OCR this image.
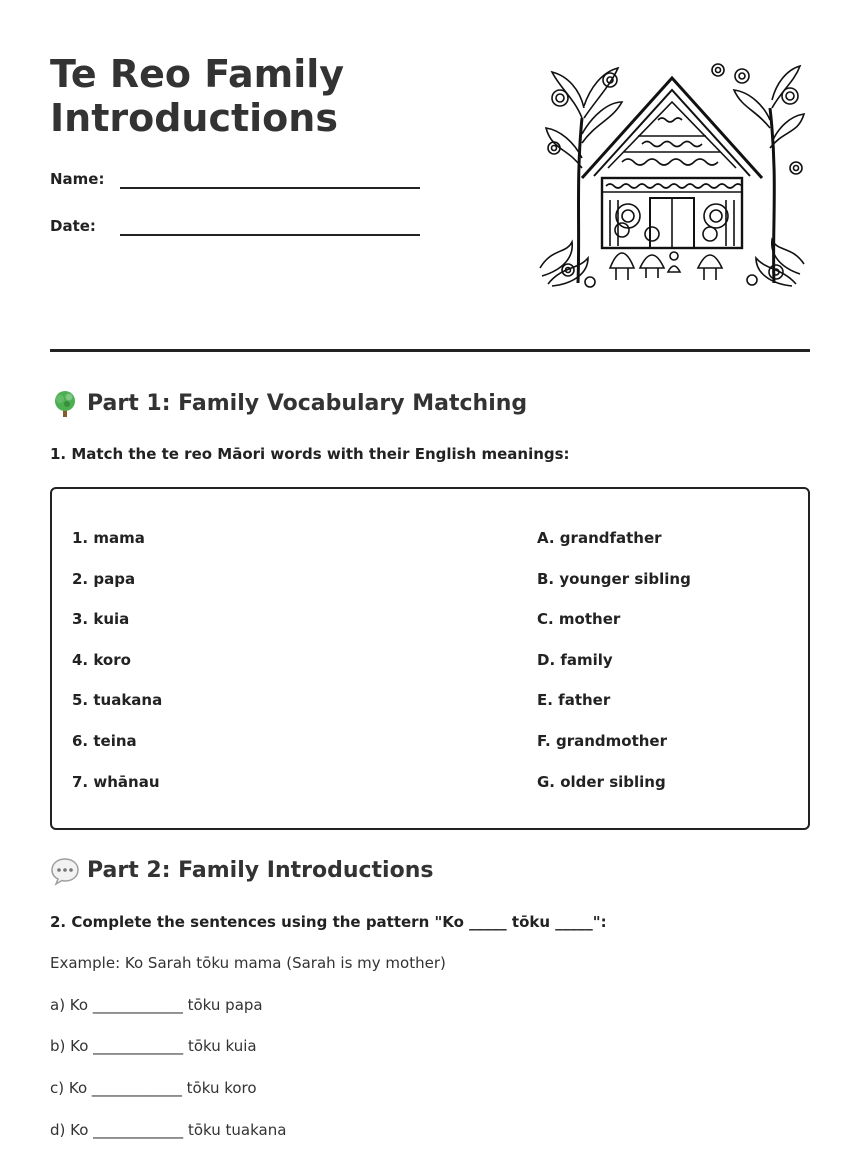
Te Reo Family
Introductions
Name:
Date:
Part 1: Family Vocabulary Matching
1. Match the te reo Māori words with their English meanings:
1. mama
2. papa
3. kuia
4. koro
5. tuakana
6. teina
7. whānau
A. grandfather
B. younger sibling
C. mother
D. family
E. father
F. grandmother
G. older sibling
Part 2: Family Introductions
2. Complete the sentences using the pattern "Ko _____ tōku _____":
Example: Ko Sarah tōku mama (Sarah is my mother)
a) Ko ____________ tōku papa
b) Ko ____________ tōku kuia
c) Ko ____________ tōku koro
d) Ko ____________ tōku tuakana
